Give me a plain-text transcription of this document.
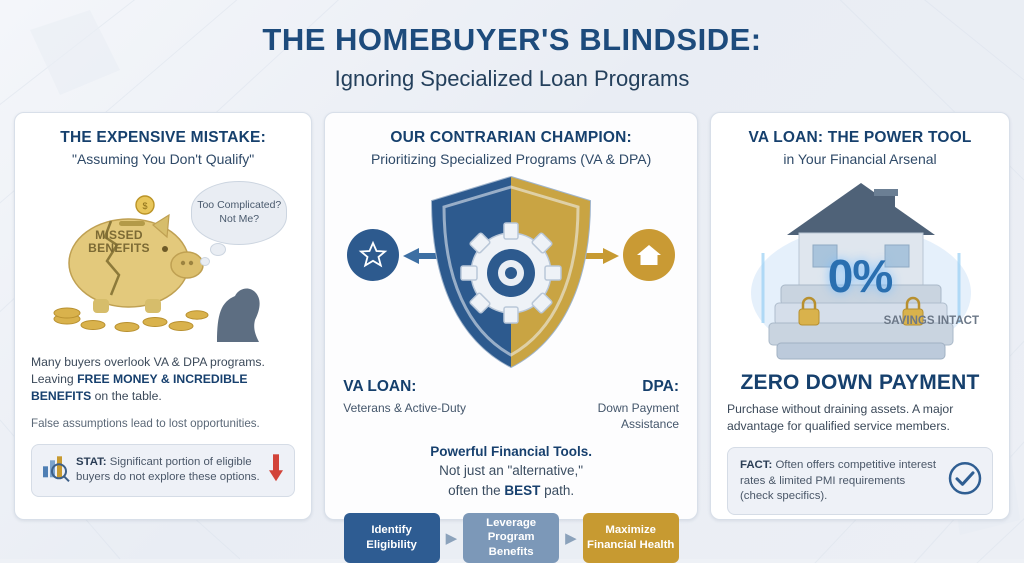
THE HOMEBUYER'S BLINDSIDE:
Ignoring Specialized Loan Programs
THE EXPENSIVE MISTAKE:
"Assuming You Don't Qualify"
$
MISSED BENEFITS
Too Complicated? Not Me?

Many buyers overlook VA & DPA programs. Leaving FREE MONEY & INCREDIBLE BENEFITS on the table.

False assumptions lead to lost opportunities.

STAT: Significant portion of eligible buyers do not explore these options.
OUR CONTRARIAN CHAMPION:
Prioritizing Specialized Programs (VA & DPA)
VA LOAN:
Veterans & Active-Duty
DPA:
Down Payment Assistance
Powerful Financial Tools.
Not just an "alternative,"
often the BEST path.
Identify Eligibility	▶
Leverage Program Benefits
▶	Maximize Financial Health
VA LOAN: THE POWER TOOL
in Your Financial Arsenal
0%
SAVINGS INTACT
ZERO DOWN PAYMENT

Purchase without draining assets. A major advantage for qualified service members.

FACT: Often offers competitive interest rates & limited PMI requirements (check specifics).
